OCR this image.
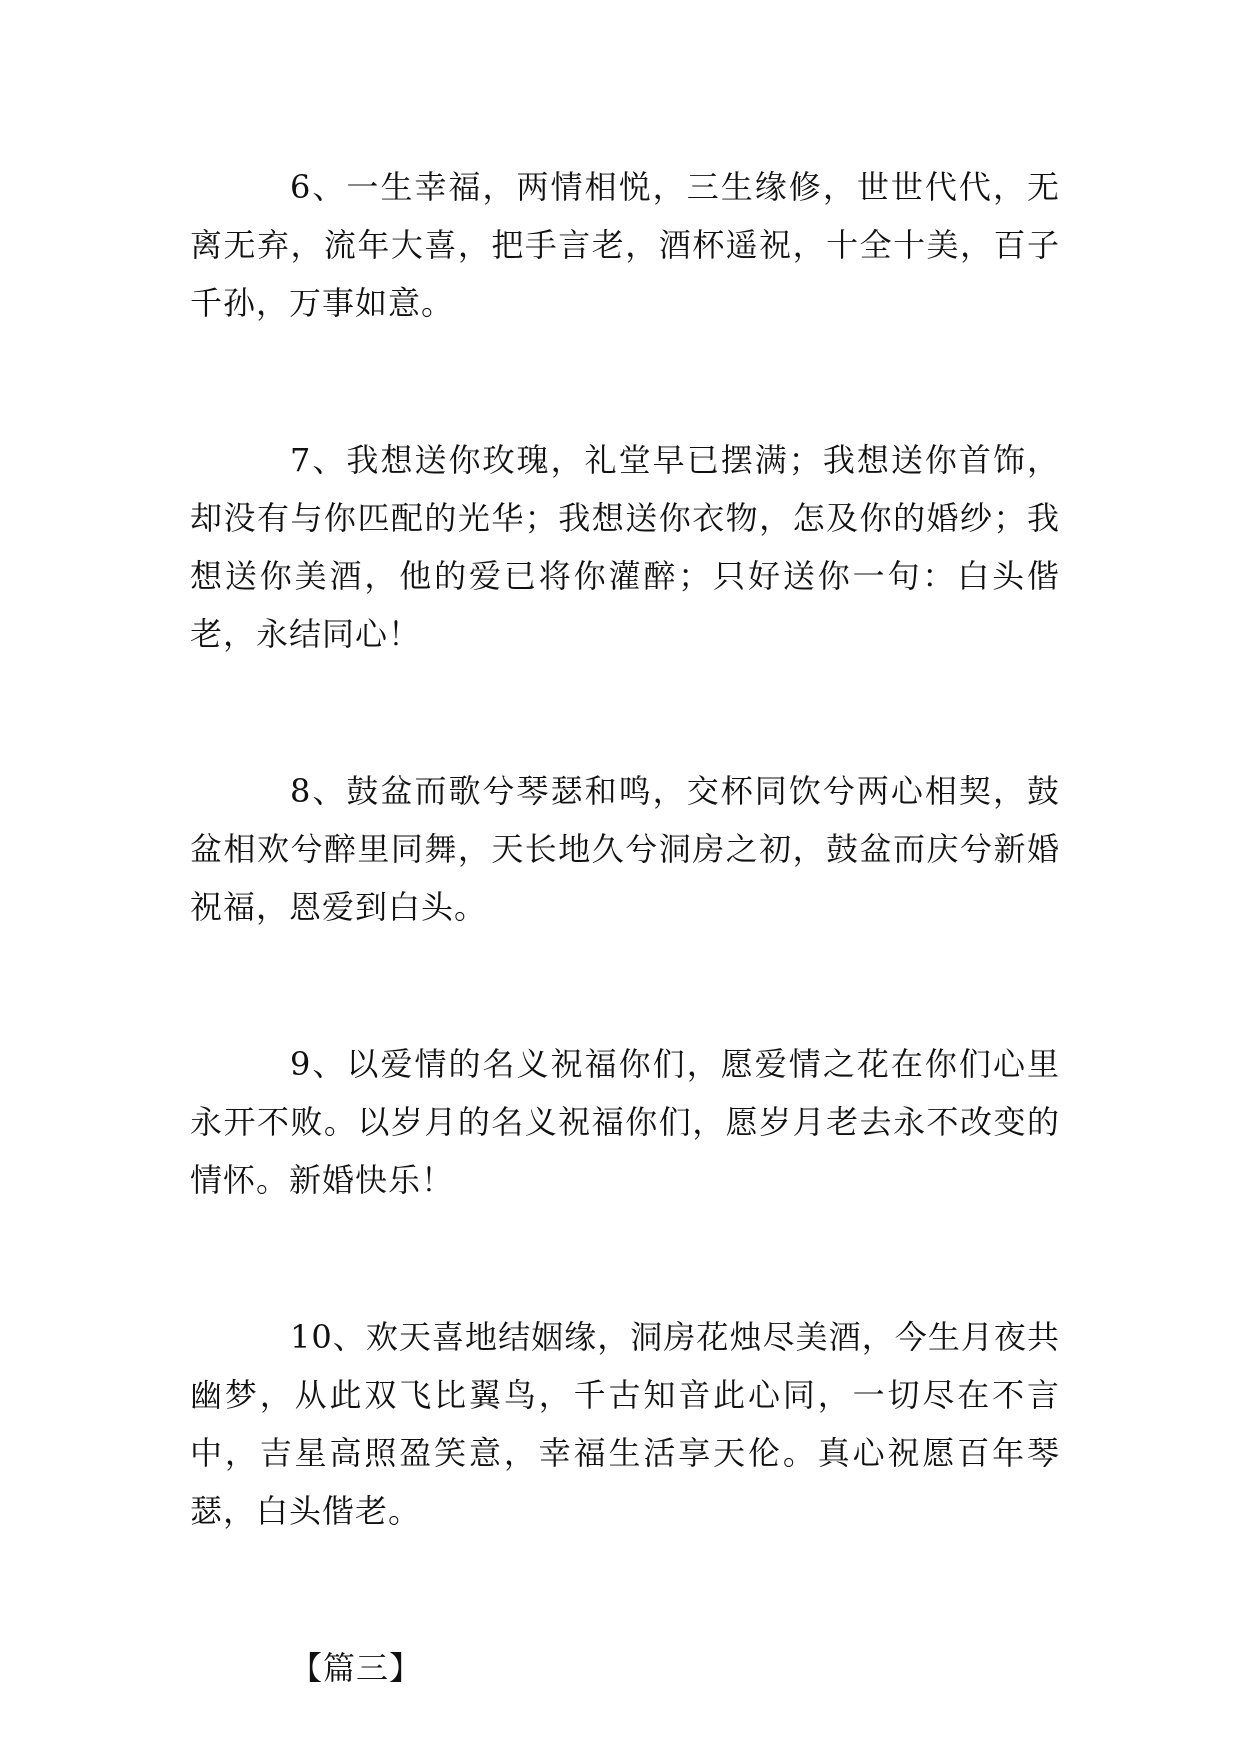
6、一生幸福，两情相悦，三生缘修，世世代代，无离无弃，流年大喜，把手言老，酒杯遥祝，十全十美，百子千孙，万事如意。

7、我想送你玫瑰，礼堂早已摆满；我想送你首饰，却没有与你匹配的光华；我想送你衣物，怎及你的婚纱；我想送你美酒，他的爱已将你灌醉；只好送你一句：白头偕老，永结同心！

8、鼓盆而歌兮琴瑟和鸣，交杯同饮兮两心相契，鼓盆相欢兮醉里同舞，天长地久兮洞房之初，鼓盆而庆兮新婚祝福，恩爱到白头。

9、以爱情的名义祝福你们，愿爱情之花在你们心里永开不败。以岁月的名义祝福你们，愿岁月老去永不改变的情怀。新婚快乐！

10、欢天喜地结姻缘，洞房花烛尽美酒，今生月夜共幽梦，从此双飞比翼鸟，千古知音此心同，一切尽在不言中，吉星高照盈笑意，幸福生活享天伦。真心祝愿百年琴瑟，白头偕老。

【篇三】
